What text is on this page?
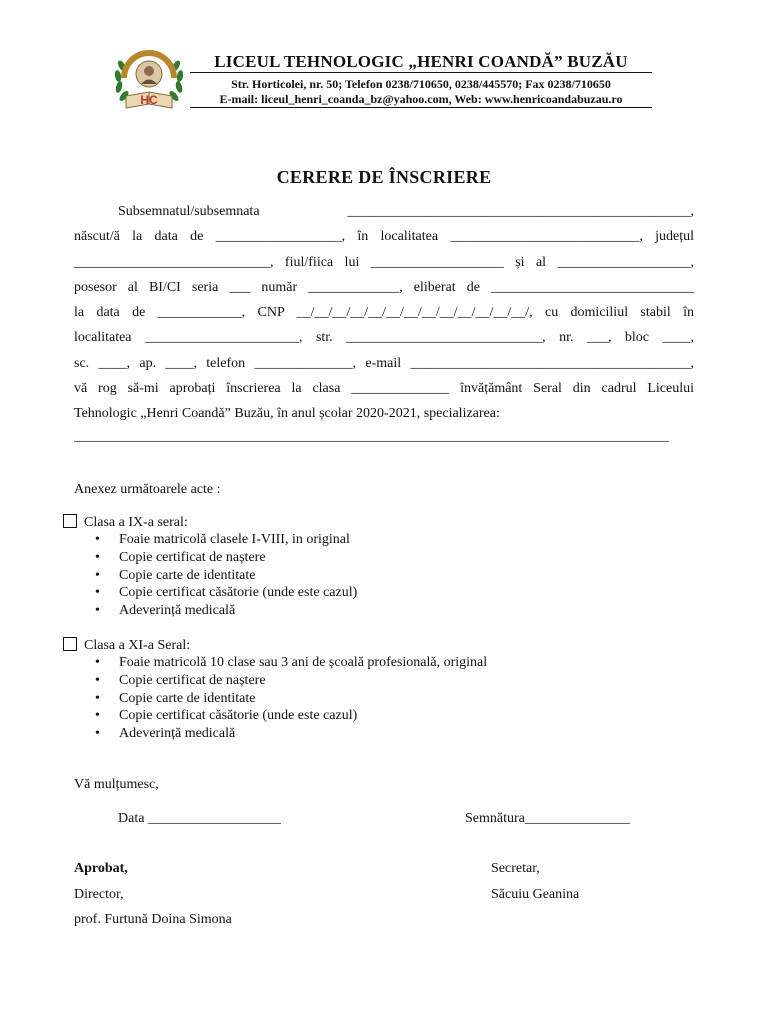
HC
LICEUL TEHNOLOGIC „HENRI COANDĂ” BUZĂU
Str. Horticolei, nr. 50; Telefon 0238/710650, 0238/445570; Fax 0238/710650
E-mail: liceul_henri_coanda_bz@yahoo.com, Web: www.henricoandabuzau.ro
CERERE DE ÎNSCRIERE
Subsemnatul/subsemnata    _________________________________________________,
născut/ă la data de __________________, în localitatea ___________________________, județul
____________________________, fiul/fiica lui ___________________ și al ___________________,
posesor al BI/CI seria ___ număr _____________, eliberat de _____________________________
la data de ____________, CNP __/__/__/__/__/__/__/__/__/__/__/__/__/, cu domiciliul stabil în
localitatea ______________________, str. ____________________________, nr. ___, bloc ____,
sc. ____, ap. ____, telefon ______________, e-mail ________________________________________,
vă rog să-mi aprobați înscrierea la clasa ______________ învățământ Seral din cadrul Liceului
Tehnologic „Henri Coandă” Buzău, în anul școlar 2020-2021, specializarea:
_____________________________________________________________________________________
Anexez următoarele acte :
Clasa a IX-a seral:
• Foaie matricolă clasele I-VIII, in original
• Copie certificat de naștere
• Copie carte de identitate
• Copie certificat căsătorie (unde este cazul)
• Adeverință medicală
Clasa a XI-a Seral:
• Foaie matricolă 10 clase sau 3 ani de școală profesională, original
• Copie certificat de naștere
• Copie carte de identitate
• Copie certificat căsătorie (unde este cazul)
• Adeverință medicală
Vă mulțumesc,
Data ___________________	Semnătura_______________
Aprobat,
Director,
prof. Furtună Doina Simona
Secretar,
Săcuiu Geanina
